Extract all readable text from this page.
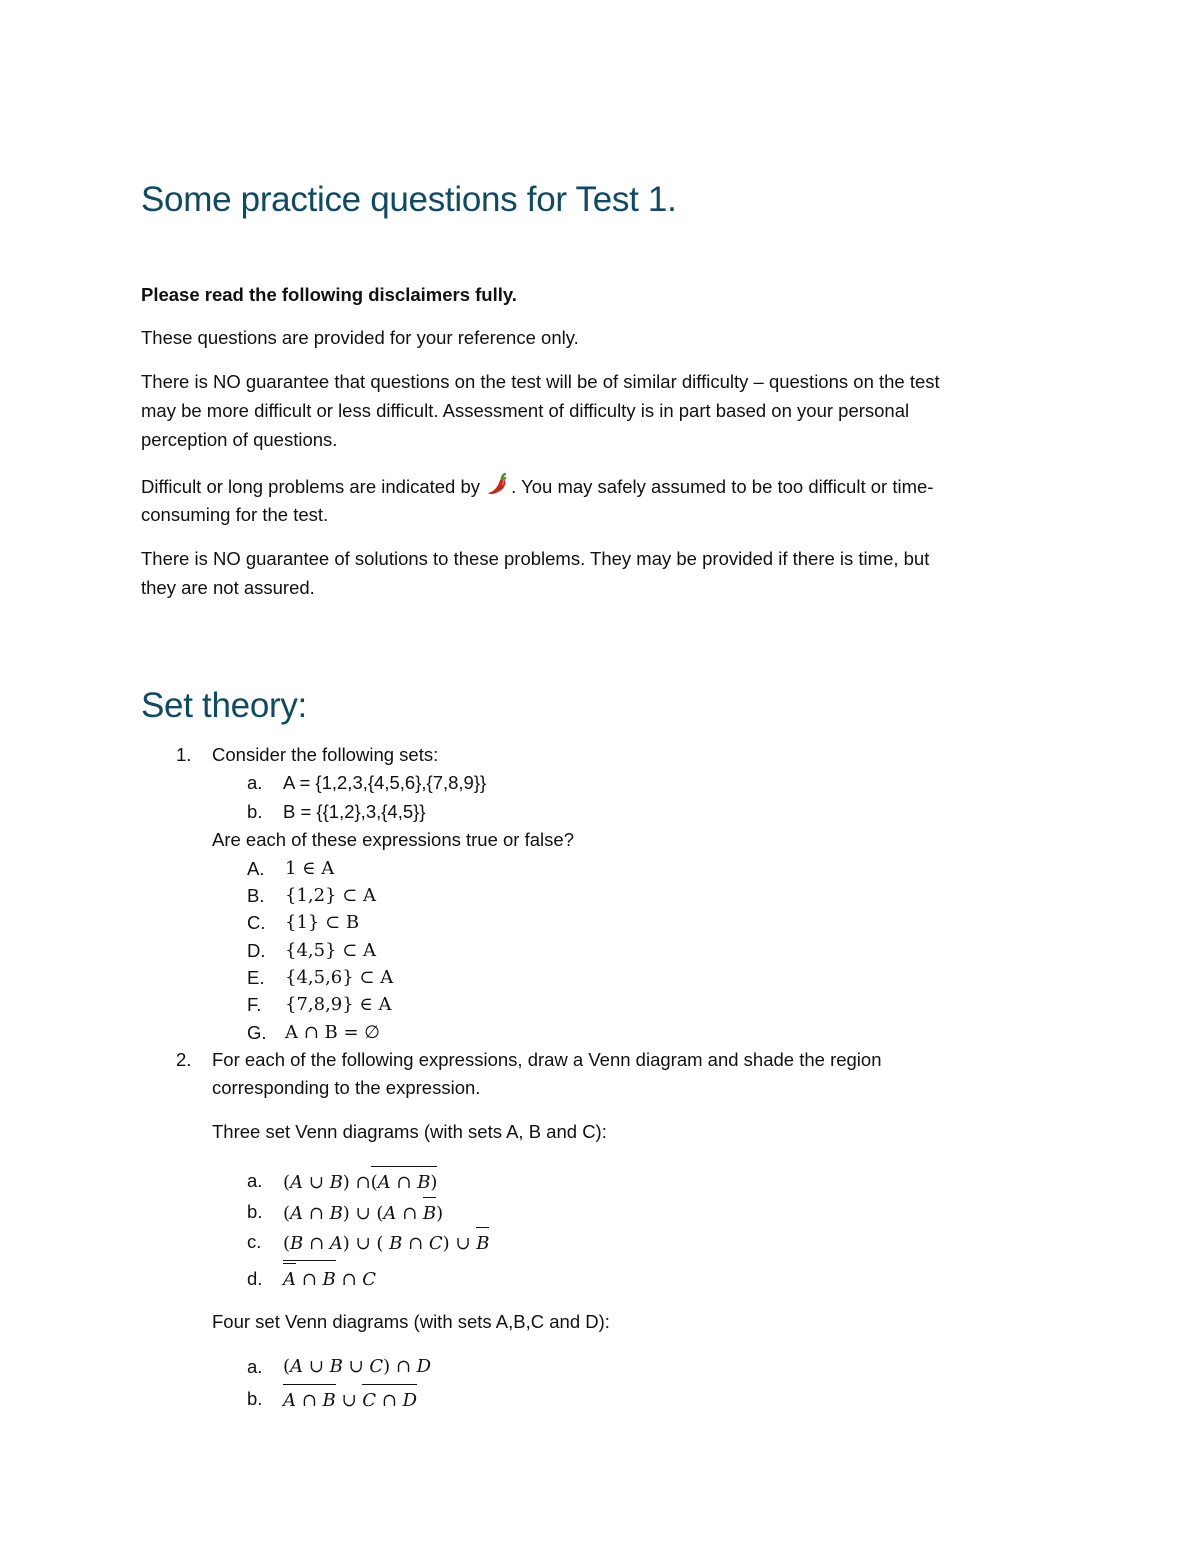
Some practice questions for Test 1.
Please read the following disclaimers fully.
These questions are provided for your reference only.
There is NO guarantee that questions on the test will be of similar difficulty – questions on the test
may be more difficult or less difficult. Assessment of difficulty is in part based on your personal
perception of questions.
Difficult or long problems are indicated by . You may safely assumed to be too difficult or time-
consuming for the test.
There is NO guarantee of solutions to these problems. They may be provided if there is time, but
they are not assured.
Set theory:
1. Consider the following sets:
a. A = {1,2,3,{4,5,6},{7,8,9}}
b. B = {{1,2},3,{4,5}}
Are each of these expressions true or false?
A. 1 ∈ A
B. {1,2} ⊂ A
C. {1} ⊂ B
D. {4,5} ⊂ A
E. {4,5,6} ⊂ A
F. {7,8,9} ∈ A
G. A ∩ B = ∅
2. For each of the following expressions, draw a Venn diagram and shade the region
corresponding to the expression.
Three set Venn diagrams (with sets A, B and C):
a. (A ∪ B) ∩(A ∩ B)
b. (A ∩ B) ∪ (A ∩ B)
c. (B ∩ A) ∪ ( B ∩ C) ∪ B
d. A ∩ B ∩ C
Four set Venn diagrams (with sets A,B,C and D):
a. (A ∪ B ∪ C) ∩ D
b. A ∩ B ∪ C ∩ D
